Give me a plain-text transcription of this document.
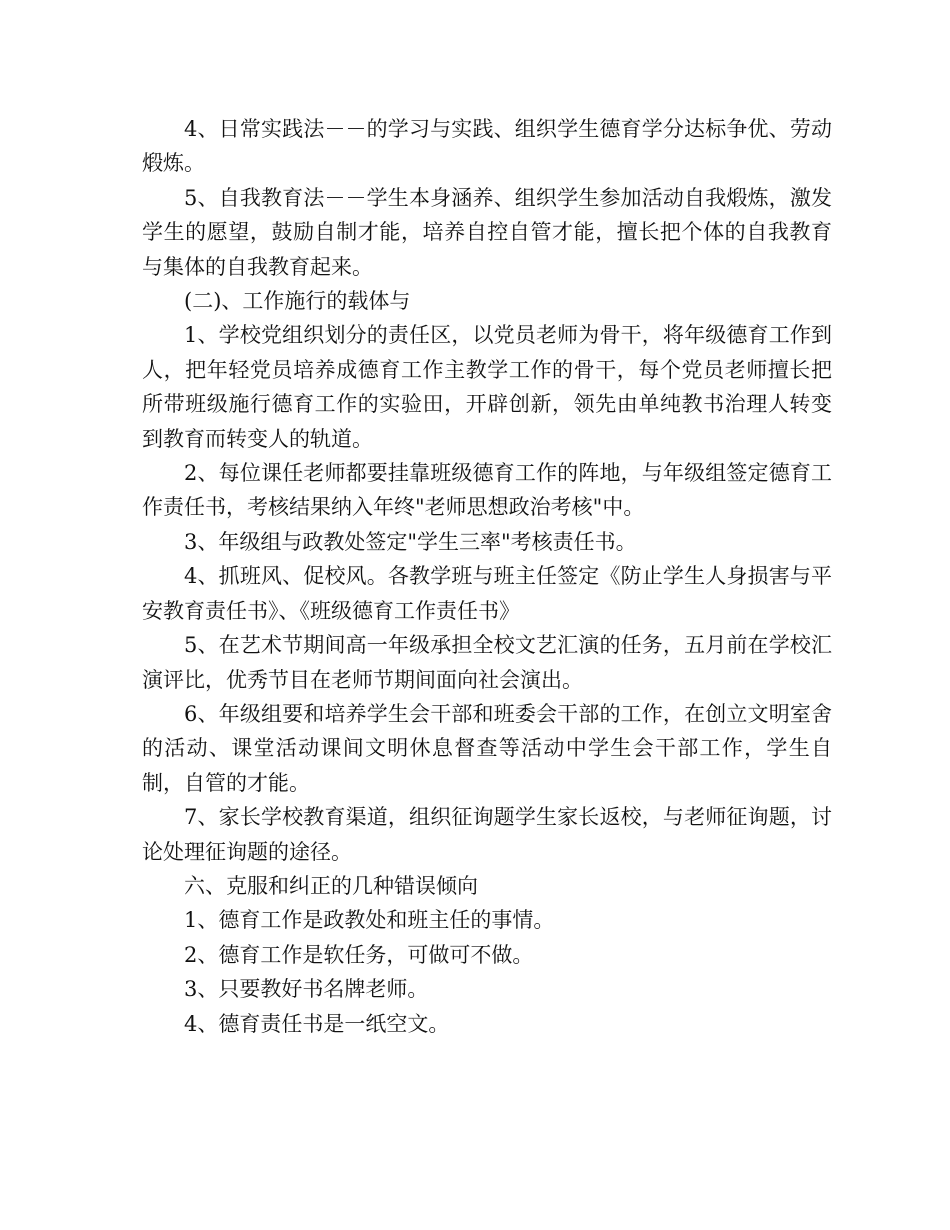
4、日常实践法－－的学习与实践、组织学生德育学分达标争优、劳动煅炼。

5、自我教育法－－学生本身涵养、组织学生参加活动自我煅炼，激发学生的愿望，鼓励自制才能，培养自控自管才能，擅长把个体的自我教育与集体的自我教育起来。

(二)、工作施行的载体与

1、学校党组织划分的责任区，以党员老师为骨干，将年级德育工作到人，把年轻党员培养成德育工作主教学工作的骨干，每个党员老师擅长把所带班级施行德育工作的实验田，开辟创新，领先由单纯教书治理人转变到教育而转变人的轨道。

2、每位课任老师都要挂靠班级德育工作的阵地，与年级组签定德育工作责任书，考核结果纳入年终"老师思想政治考核"中。

3、年级组与政教处签定"学生三率"考核责任书。

4、抓班风、促校风。各教学班与班主任签定《防止学生人身损害与平安教育责任书》、《班级德育工作责任书》

5、在艺术节期间高一年级承担全校文艺汇演的任务，五月前在学校汇演评比，优秀节目在老师节期间面向社会演出。

6、年级组要和培养学生会干部和班委会干部的工作，在创立文明室舍的活动、课堂活动课间文明休息督查等活动中学生会干部工作，学生自制，自管的才能。

7、家长学校教育渠道，组织征询题学生家长返校，与老师征询题，讨论处理征询题的途径。

六、克服和纠正的几种错误倾向

1、德育工作是政教处和班主任的事情。

2、德育工作是软任务，可做可不做。

3、只要教好书名牌老师。

4、德育责任书是一纸空文。
